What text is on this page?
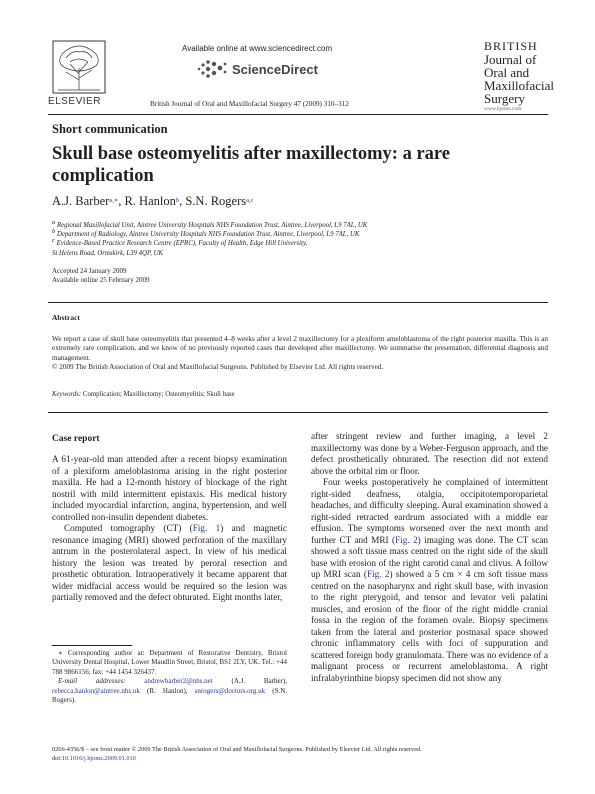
Available online at www.sciencedirect.com
ScienceDirect
ELSEVIER	British Journal of Oral and Maxillofacial Surgery 47 (2009) 310–312
BRITISH
Journal of
Oral and
Maxillofacial
Surgery
www.bjoms.com
Short communication
Skull base osteomyelitis after maxillectomy: a rare complication
A.J. Barber$^{a,∗}$, R. Hanlon$^b$, S.N. Rogers$^{a,c}$
a Regional Maxillofacial Unit, Aintree University Hospitals NHS Foundation Trust, Aintree, Liverpool, L9 7AL, UK
b Department of Radiology, Aintree University Hospitals NHS Foundation Trust, Aintree, Liverpool, L9 7AL, UK
c Evidence-Based Practice Research Centre (EPRC), Faculty of Health, Edge Hill University,
St Helens Road, Ormskirk, L39 4QP, UK
Accepted 24 January 2009
Available online 25 February 2009
Abstract
We report a case of skull base osteomyelitis that presented 4–8 weeks after a level 2 maxillectomy for a plexiform ameloblastoma of the right posterior maxilla. This is an extremely rare complication, and we know of no previously reported cases that developed after maxillectomy. We summarise the presentation, differential diagnosis and management.
© 2009 The British Association of Oral and Maxillofacial Surgeons. Published by Elsevier Ltd. All rights reserved.
Keywords: Complication; Maxillectomy; Osteomyelitis; Skull base
Case report

A 61-year-old man attended after a recent biopsy examination of a plexiform ameloblastoma arising in the right posterior maxilla. He had a 12-month history of blockage of the right nostril with mild intermittent epistaxis. His medical history included myocardial infarction, angina, hypertension, and well controlled non-insulin dependent diabetes.

Computed tomography (CT) (Fig. 1) and magnetic resonance imaging (MRI) showed perforation of the maxillary antrum in the posterolateral aspect. In view of his medical history the lesion was treated by peroral resection and prosthetic obturation. Intraoperatively it became apparent that wider midfacial access would be required so the lesion was partially removed and the defect obturated. Eight months later,

after stringent review and further imaging, a level 2 maxillectomy was done by a Weber-Ferguson approach, and the defect prosthetically obturated. The resection did not extend above the orbital rim or floor.

Four weeks postoperatively he complained of intermittent right-sided deafness, otalgia, occipitotemporoparietal headaches, and difficulty sleeping. Aural examination showed a right-sided retracted eardrum associated with a middle ear effusion. The symptoms worsened over the next month and further CT and MRI (Fig. 2) imaging was done. The CT scan showed a soft tissue mass centred on the right side of the skull base with erosion of the right carotid canal and clivus. A follow up MRI scan (Fig. 2) showed a 5 cm × 4 cm soft tissue mass centred on the nasopharynx and right skull base, with invasion to the right pterygoid, and tensor and levator veli palatini muscles, and erosion of the floor of the right middle cranial fossa in the region of the foramen ovale. Biopsy specimens taken from the lateral and posterior postnasal space showed chronic inflammatory cells with foci of suppuration and scattered foreign body granulomata. There was no evidence of a malignant process or recurrent ameloblastoma. A right infralabyrinthine biopsy specimen did not show any

∗ Corresponding author at: Department of Restorative Dentistry, Bristol University Dental Hospital, Lower Maudlin Street, Bristol, BS1 2LY, UK. Tel.: +44 788 9866156; fax: +44 1454 326437.
E-mail addresses:	andrewbarber2@nhs.net	(A.J. Barber), rebecca.hanlon@aintree.nhs.uk (R. Hanlon), snrogers@doctors.org.uk (S.N. Rogers).
0266-4356/$ – see front matter © 2009 The British Association of Oral and Maxillofacial Surgeons. Published by Elsevier Ltd. All rights reserved.
doi:10.1016/j.bjoms.2009.01.010
